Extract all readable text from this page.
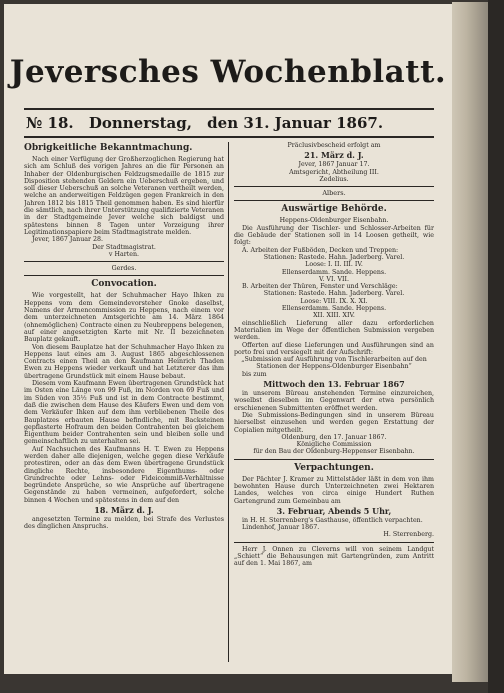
Jeversches Wochenblatt.
№ 18. Donnerstag, den 31. Januar 1867.
Obrigkeitliche Bekanntmachung.

Nach einer Verfügung der Großherzoglichen Regierung hat sich am Schluß des vorigen Jahres an die für Personen an Inhaber der Oldenburgischen Feldzugsmedaille de 1815 zur Disposition stehenden Geldern ein Ueberschuß ergeben, und soll dieser Ueberschuß an solche Veteranen vertheilt werden, welche an anderweitigen Feldzügen gegen Frankreich in den Jahren 1812 bis 1815 Theil genommen haben. Es sind hierfür die sämtlich, nach ihrer Unterstützung qualifizierte Veteranen in der Stadtgemeinde Jever welche sich baldigst und spätestens binnen 8 Tagen unter Vorzeigung ihrer Legitimationspapiere beim Stadtmagistrate melden.

Jever, 1867 Januar 28.

Der Stadtmagistrat.

v Harten.

Gerdes.

Convocation.

Wie vorgestellt, hat der Schuhmacher Hayo Ihken zu Heppens vom dem Gemeindevorsteher Gnoke daselbst, Namens der Armencommission zu Heppens, nach einem vor dem unterzeichneten Amtsgerichte am 14. März 1864 (ohnemöglichen) Contracte einen zu Neubreppens belegenen, auf einer angesetzigten Karte mit Nr. II bezeichneten Bauplatz gekauft.

Von diesem Bauplatze hat der Schuhmacher Hayo Ihken zu Heppens laut eines am 3. August 1865 abgeschlossenen Contracts einen Theil an den Kaufmann Heinrich Thaden Ewen zu Heppens wieder verkauft und hat Letzterer das ihm übertragene Grundstück mit einem Hause bebaut.

Diesem vom Kaufmann Ewen übertragenen Grundstück hat im Osten eine Länge von 99 Fuß, im Norden von 69 Fuß und im Süden von 35½ Fuß und ist in dem Contracte bestimmt, daß die zwischen dem Hause des Käufers Ewen und dem von dem Verkäufer Ihken auf dem ihm verbliebenen Theile des Bauplatzes erbauten Hause befindliche, mit Backsteinen gepflasterte Hofraum den beiden Contrahenten bei gleichem Eigenthum beider Contrahenten sein und bleiben solle und gemeinschaftlich zu unterhalten sei.

Auf Nachsuchen des Kaufmanns H. T. Ewen zu Heppens werden daher alle diejenigen, welche gegen diese Verkäufe protestiren, oder an das dem Ewen übertragene Grundstück dingliche Rechte, insbesondere Eigenthums- oder Grundrechte oder Lehns- oder Fideicommiß-Verhältnisse begründete Ansprüche, so wie Ansprüche auf übertragene Gegenstände zu haben vermeinen, aufgefordert, solche binnen 4 Wochen und spätestens in dem auf den

18. März d. J.

angesetzten Termine zu melden, bei Strafe des Verlustes des dinglichen Anspruchs.

Präclusivbescheid erfolgt am

21. März d. J.

Jever, 1867 Januar 17.

Amtsgericht, Abtheilung III.

Zedelius.

Albers.

Auswärtige Behörde.

Heppens-Oldenburger Eisenbahn.

Die Ausführung der Tischler- und Schlosser-Arbeiten für die Gebäude der Stationen soll in 14 Loosen getheilt, wie folgt:

A. Arbeiten der Fußböden, Decken und Treppen:

Stationen: Rastede. Hahn. Jaderberg. Varel.

Loose: I. II. III. IV.

Ellenserdamm. Sande. Heppens.

V. VI. VII.

B. Arbeiten der Thüren, Fenster und Verschläge:

Stationen: Rastede. Hahn. Jaderberg. Varel.

Loose: VIII. IX. X. XI.

Ellenserdamm. Sande. Heppens.

XII. XIII. XIV.

einschließlich Lieferung aller dazu erforderlichen Materialien im Wege der öffentlichen Submission vergeben werden.

Offerten auf diese Lieferungen und Ausführungen sind an porto frei und versiegelt mit der Aufschrift:

„Submission auf Ausführung von Tischlerarbeiten auf den Stationen der Heppens-Oldenburger Eisenbahn“

bis zum

Mittwoch den 13. Februar 1867

in unserem Büreau anstehenden Termine einzureichen, woselbst dieselben im Gegenwart der etwa persönlich erschienenen Submittenten eröffnet werden.

Die Submissions-Bedingungen sind in unserem Büreau hierselbst einzusehen und werden gegen Erstattung der Copialien mitgetheilt.

Oldenburg, den 17. Januar 1867.

Königliche Commission

für den Bau der Oldenburg-Heppenser Eisenbahn.

Verpachtungen.

Der Pächter J. Kramer zu Mittelstäder läßt in dem von ihm bewohnten Hause durch Unterzeichneten zwei Hektaren Landes, welches von circa einige Hundert Ruthen Gartengrund zum Gemeinbau am

3. Februar, Abends 5 Uhr,

in H. H. Sterrenberg's Gasthause, öffentlich verpachten.

Lindenhof, Januar 1867.

H. Sterrenberg.

Herr J. Onnen zu Cleverns will von seinem Landgut „Schiett“ die Behausungen mit Gartengründen, zum Antritt auf den 1. Mai 1867, am
